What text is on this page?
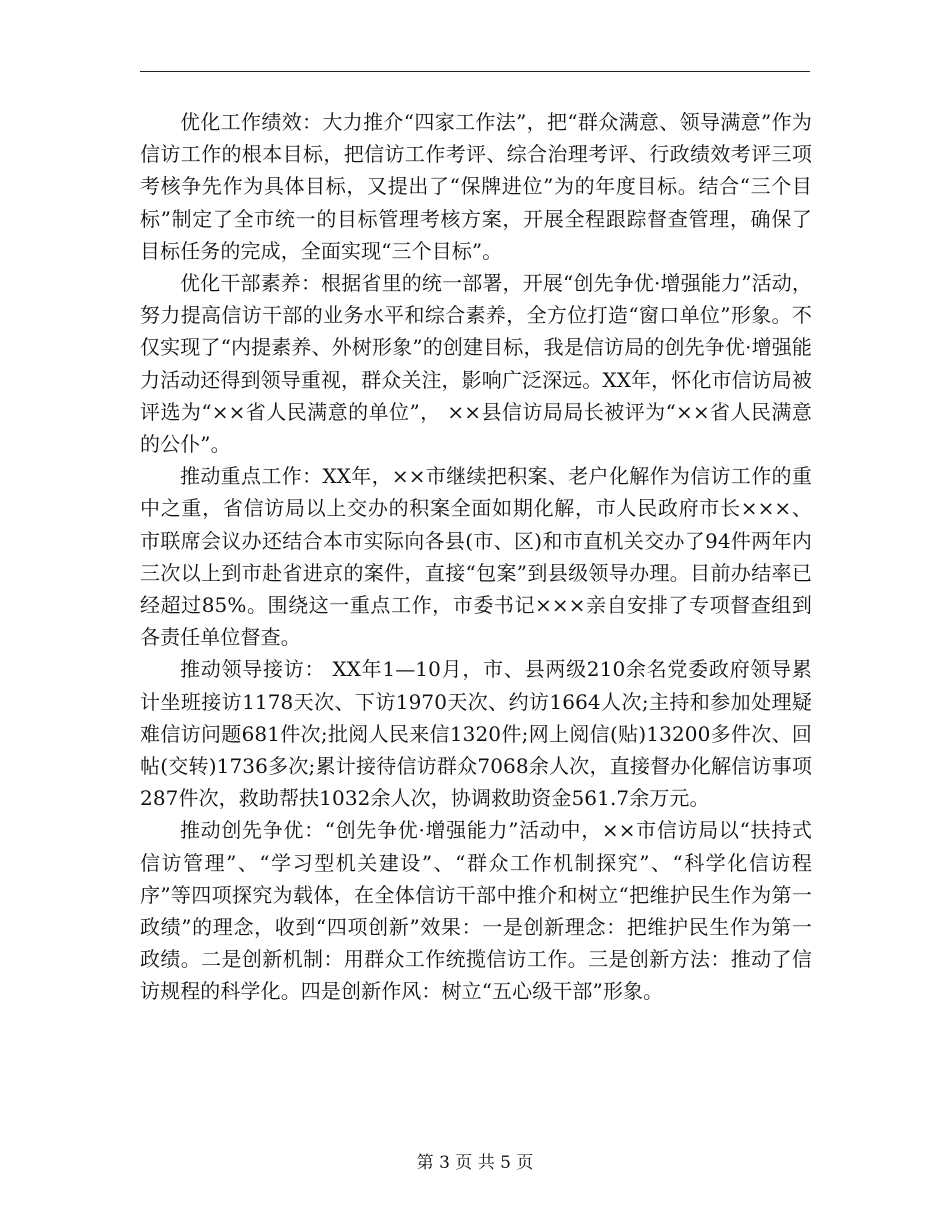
优化工作绩效：大力推介“四家工作法”，把“群众满意、领导满意”作为信访工作的根本目标，把信访工作考评、综合治理考评、行政绩效考评三项考核争先作为具体目标，又提出了“保牌进位”为的年度目标。结合“三个目标”制定了全市统一的目标管理考核方案，开展全程跟踪督查管理，确保了目标任务的完成，全面实现“三个目标”。

优化干部素养：根据省里的统一部署，开展“创先争优·增强能力”活动，努力提高信访干部的业务水平和综合素养，全方位打造“窗口单位”形象。不仅实现了“内提素养、外树形象”的创建目标，我是信访局的创先争优·增强能力活动还得到领导重视，群众关注，影响广泛深远。XX年，怀化市信访局被评选为“××省人民满意的单位”， ××县信访局局长被评为“××省人民满意的公仆”。

推动重点工作：XX年，××市继续把积案、老户化解作为信访工作的重中之重，省信访局以上交办的积案全面如期化解，市人民政府市长×××、市联席会议办还结合本市实际向各县(市、区)和市直机关交办了94件两年内三次以上到市赴省进京的案件，直接“包案”到县级领导办理。目前办结率已经超过85%。围绕这一重点工作，市委书记×××亲自安排了专项督查组到各责任单位督查。

推动领导接访： XX年1—10月，市、县两级210余名党委政府领导累计坐班接访1178天次、下访1970天次、约访1664人次;主持和参加处理疑难信访问题681件次;批阅人民来信1320件;网上阅信(贴)13200多件次、回帖(交转)1736多次;累计接待信访群众7068余人次，直接督办化解信访事项287件次，救助帮扶1032余人次，协调救助资金561.7余万元。

推动创先争优：“创先争优·增强能力”活动中，××市信访局以“扶持式信访管理”、“学习型机关建设”、“群众工作机制探究”、“科学化信访程序”等四项探究为载体，在全体信访干部中推介和树立“把维护民生作为第一政绩”的理念，收到“四项创新”效果：一是创新理念：把维护民生作为第一政绩。二是创新机制：用群众工作统揽信访工作。三是创新方法：推动了信访规程的科学化。四是创新作风：树立“五心级干部”形象。

第 3 页 共 5 页
